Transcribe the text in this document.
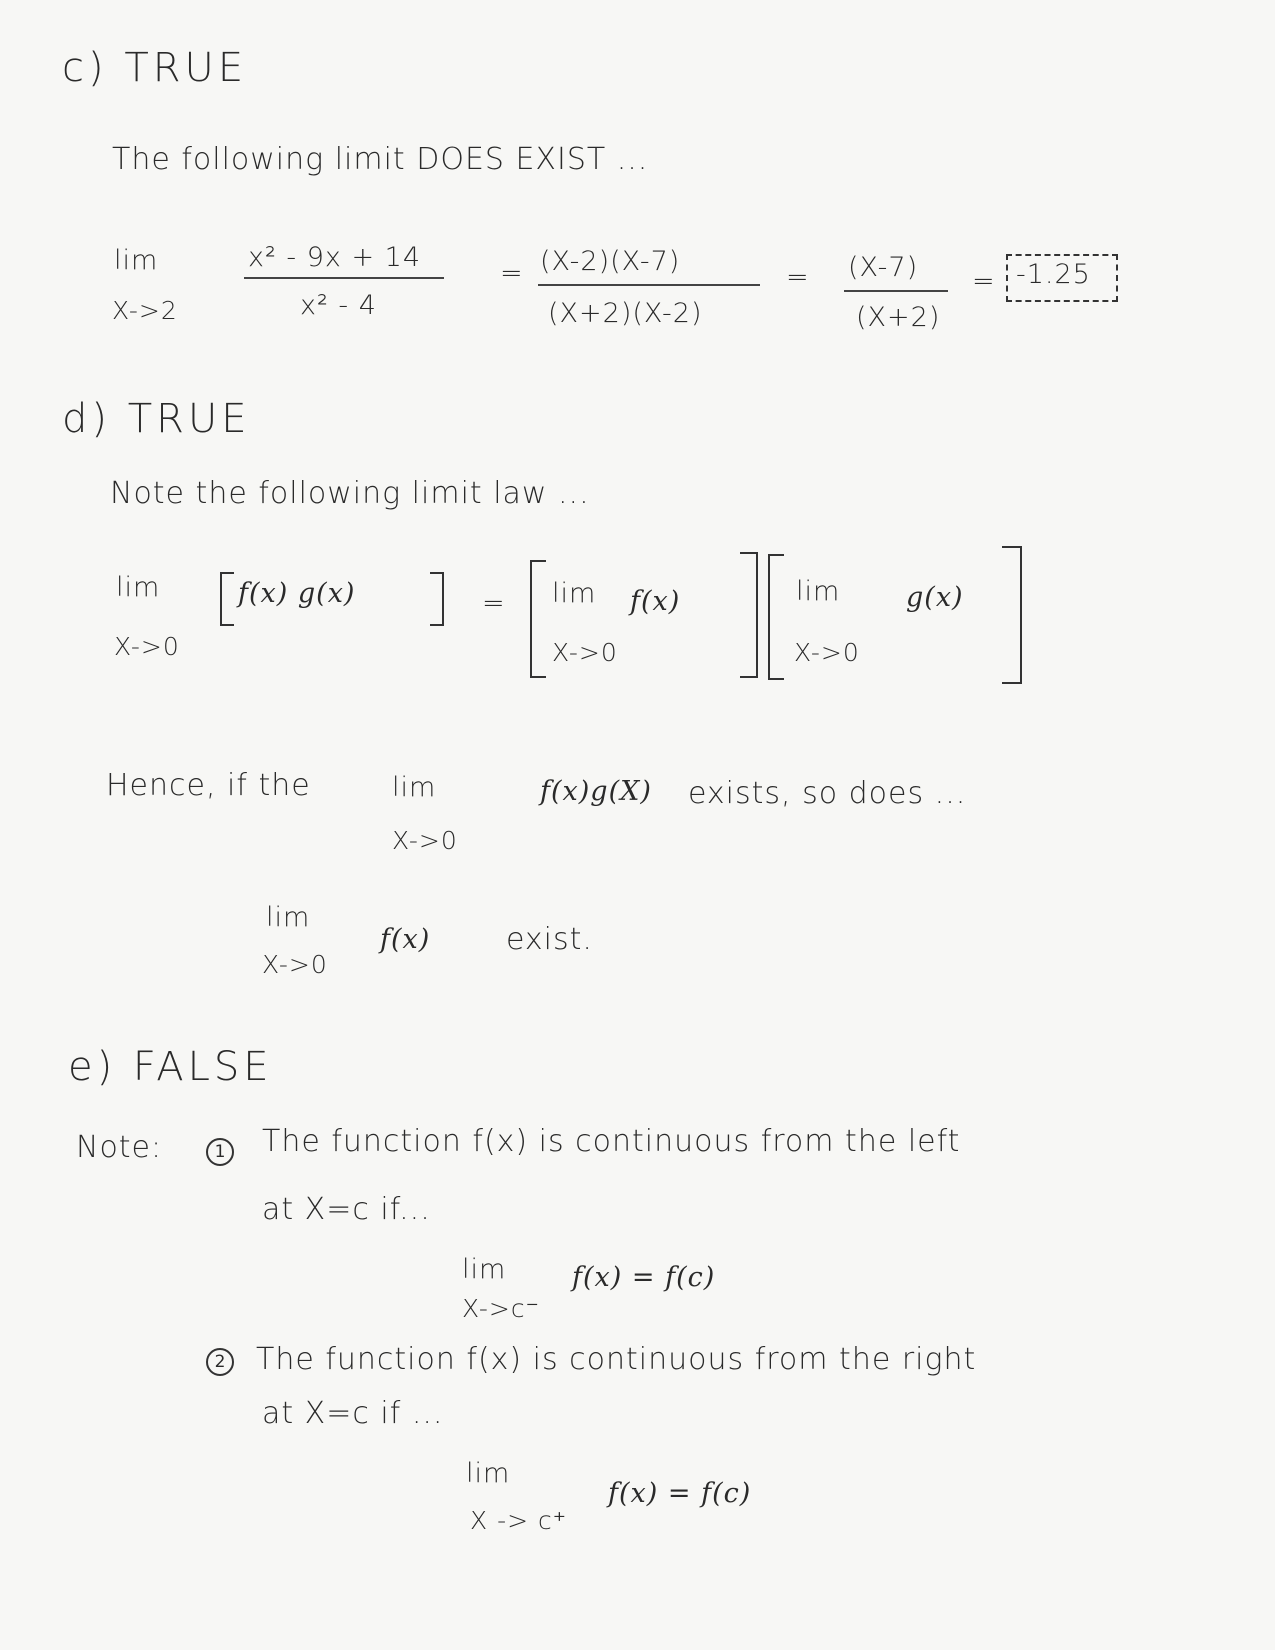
c) TRUE
The following limit DOES EXIST ...
lim
X->2
x² - 9x + 14
x² - 4
= (X-2)(X-7)
(X+2)(X-2)
= (X-7)
(X+2)
= -1.25
d) TRUE
Note the following limit law ...
lim
X->0
f(x) g(x)	= lim
X->0
f(x)	lim
X->0
g(x)
Hence, if the	lim
X->0
f(x)g(X) exists, so does ...
lim
X->0
f(x)	exist.
e) FALSE
Note:	1 The function f(x) is continuous from the left
at X=c if...
lim
X->c⁻
f(x) = f(c)
2 The function f(x) is continuous from the right
at X=c if ...
lim
X -> c⁺
f(x) = f(c)
